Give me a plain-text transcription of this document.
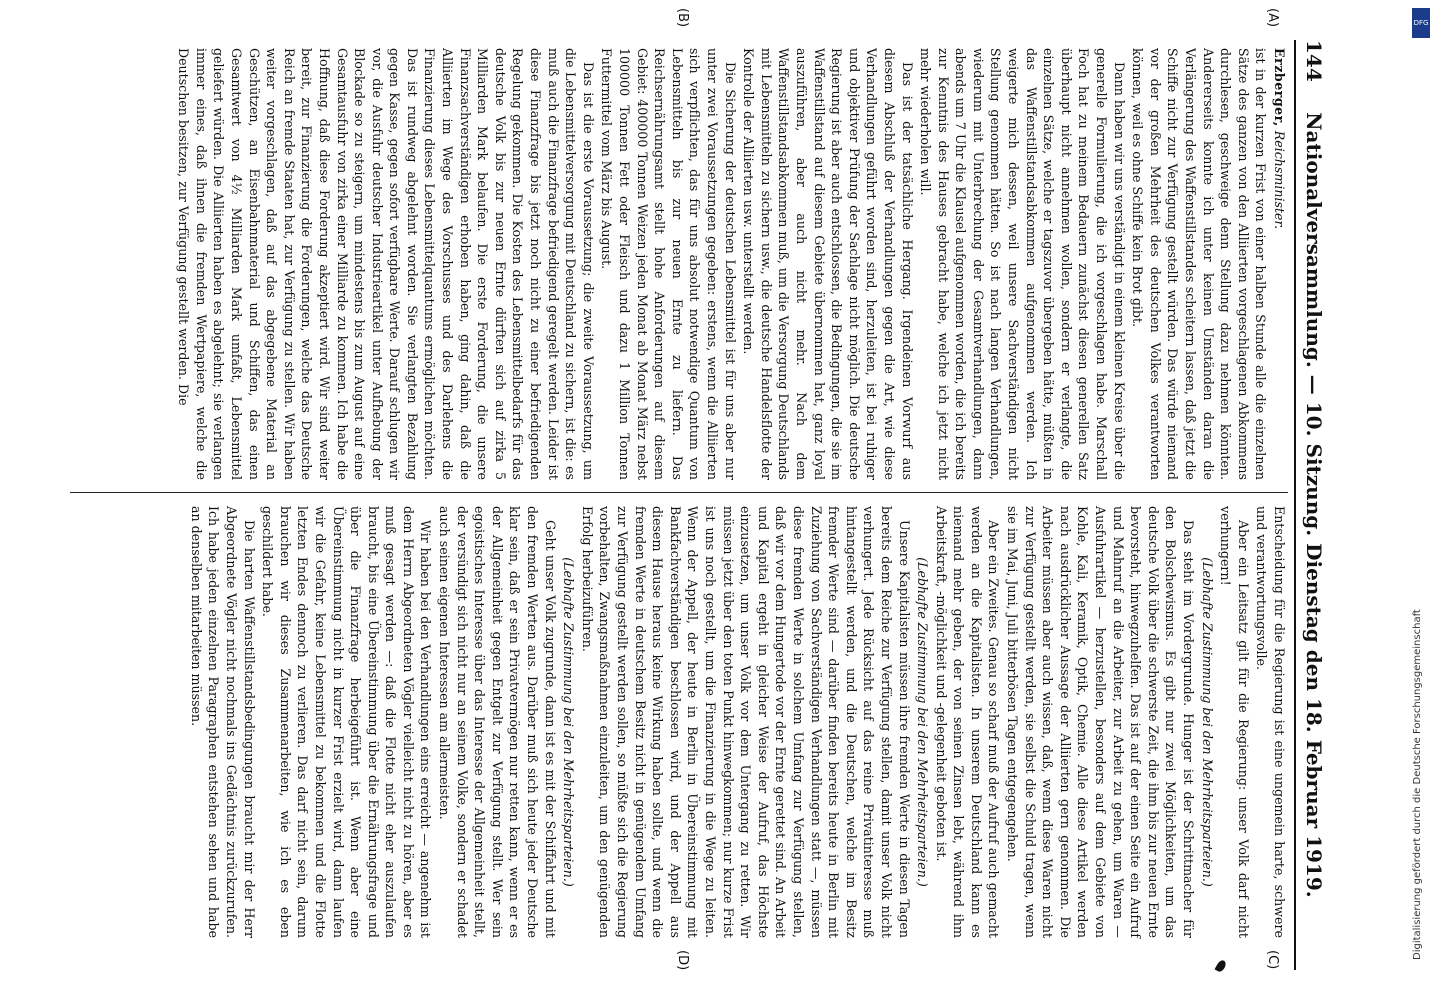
144
Nationalversammlung. — 10. Sitzung. Dienstag den 18. Februar 1919.
(A)
(B)
(C)
(D)

Erzberger, Reichsminister.

ist in der kurzen Frist von einer halben Stunde alle die einzelnen Sätze des ganzen von den Alliierten vorgeschlagenen Abkommens durchlesen, geschweige denn Stellung dazu nehmen könnten. Andererseits konnte ich unter keinen Umständen daran die Verlängerung des Waffenstillstandes scheitern lassen, daß jetzt die Schiffe nicht zur Verfügung gestellt würden. Das würde niemand vor der großen Mehrheit des deutschen Volkes verantworten können, weil es ohne Schiffe kein Brot gibt.

Dann haben wir uns verständigt in einem kleinen Kreise über die generelle Formulierung, die ich vorgeschlagen habe. Marschall Foch hat zu meinem Bedauern zunächst diesen generellen Satz überhaupt nicht annehmen wollen, sondern er verlangte, die einzelnen Sätze, welche er tagszuvor übergeben hätte, müßten in das Waffenstillstandsabkommen aufgenommen werden. Ich weigerte mich dessen, weil unsere Sachverständigen nicht Stellung genommen hätten. So ist nach langen Verhandlungen, wiederum mit Unterbrechung der Gesamtverhandlungen, dann abends um 7 Uhr die Klausel aufgenommen worden, die ich bereits zur Kenntnis des Hauses gebracht habe, welche ich jetzt nicht mehr wiederholen will.

Das ist der tatsächliche Hergang. Irgendeinen Vorwurf aus diesem Abschluß der Verhandlungen gegen die Art, wie diese Verhandlungen geführt worden sind, herzuleiten, ist bei ruhiger und objektiver Prüfung der Sachlage nicht möglich. Die deutsche Regierung ist aber auch entschlossen, die Bedingungen, die sie im Waffenstillstand auf diesem Gebiete übernommen hat, ganz loyal auszuführen, aber auch nicht mehr. Nach dem Waffenstillstandsabkommen muß, um die Versorgung Deutschlands mit Lebensmitteln zu sichern usw., die deutsche Handelsflotte der Kontrolle der Alliierten usw. unterstellt werden.

Die Sicherung der deutschen Lebensmittel ist für uns aber nur unter zwei Voraussetzungen gegeben: erstens, wenn die Alliierten sich verpflichten, das für uns absolut notwendige Quantum von Lebensmitteln bis zur neuen Ernte zu liefern. Das Reichsernährungsamt stellt hohe Anforderungen auf diesem Gebiet: 400000 Tonnen Weizen jeden Monat ab Monat März nebst 100000 Tonnen Fett oder Fleisch und dazu 1 Million Tonnen Futtermittel vom März bis August.

Das ist die erste Voraussetzung; die zweite Voraussetzung, um die Lebensmittelversorgung mit Deutschland zu sichern, ist die: es muß auch die Finanzfrage befriedigend geregelt werden. Leider ist diese Finanzfrage bis jetzt noch nicht zu einer befriedigenden Regelung gekommen. Die Kosten des Lebensmittelbedarfs für das deutsche Volk bis zur neuen Ernte dürften sich auf zirka 5 Milliarden Mark belaufen. Die erste Forderung, die unsere Finanzsachverständigen erhoben haben, ging dahin, daß die Alliierten im Wege des Vorschusses und des Darlehens die Finanzierung dieses Lebensmittelquantums ermöglichen möchten. Das ist rundweg abgelehnt worden. Sie verlangten Bezahlung gegen Kasse, gegen sofort verfügbare Werte. Darauf schlugen wir vor, die Ausfuhr deutscher Industrieartikel unter Aufhebung der Blockade so zu steigern, um mindestens bis zum August auf eine Gesamtausfuhr von zirka einer Milliarde zu kommen. Ich habe die Hoffnung, daß diese Forderung akzeptiert wird. Wir sind weiter bereit, zur Finanzierung die Forderungen, welche das Deutsche Reich an fremde Staaten hat, zur Verfügung zu stellen. Wir haben weiter vorgeschlagen, daß auf das abgegebene Material an Geschützen, an Eisenbahnmaterial und Schiffen, das einen Gesamtwert von 4½ Milliarden Mark umfaßt, Lebensmittel geliefert würden. Die Alliierten haben es abgelehnt; sie verlangen immer eines, daß ihnen die fremden Wertpapiere, welche die Deutschen besitzen, zur Verfügung gestellt werden. Die

Entscheidung für die Regierung ist eine ungemein harte, schwere und verantwortungsvolle.

Aber ein Leitsatz gilt für die Regierung: unser Volk darf nicht verhungern!

(Lebhafte Zustimmung bei den Mehrheitsparteien.)

Das steht im Vordergrunde. Hunger ist der Schrittmacher für den Bolschewismus. Es gibt nur zwei Möglichkeiten, um das deutsche Volk über die schwerste Zeit, die ihm bis zur neuen Ernte bevorsteht, hinwegzuhelfen. Das ist auf der einen Seite ein Aufruf und Mahnruf an die Arbeiter, zur Arbeit zu gehen, um Waren — Ausfuhrartikel — herzustellen, besonders auf dem Gebiete von Kohle, Kali, Keramik, Optik, Chemie. Alle diese Artikel werden nach ausdrücklicher Aussage der Alliierten gern genommen. Die Arbeiter müssen aber auch wissen, daß, wenn diese Waren nicht zur Verfügung gestellt werden, sie selbst die Schuld tragen, wenn sie im Mai, Juni, Juli bitterbösen Tagen entgegengehen.

Aber ein Zweites. Genau so scharf muß der Aufruf auch gemacht werden an die Kapitalisten. In unserem Deutschland kann es niemand mehr geben, der von seinen Zinsen lebt, während ihm Arbeitskraft, -möglichkeit und -gelegenheit geboten ist.

(Lebhafte Zustimmung bei den Mehrheitsparteien.)

Unsere Kapitalisten müssen ihre fremden Werte in diesen Tagen bereits dem Reiche zur Verfügung stellen, damit unser Volk nicht verhungert. Jede Rücksicht auf das reine Privatinteresse muß hintangestellt werden, und die Deutschen, welche im Besitz fremder Werte sind — darüber finden bereits heute in Berlin mit Zuziehung von Sachverständigen Verhandlungen statt —, müssen diese fremden Werte in solchem Umfang zur Verfügung stellen, daß wir vor dem Hungertode vor der Ernte gerettet sind. An Arbeit und Kapital ergeht in gleicher Weise der Aufruf, das Höchste einzusetzen, um unser Volk vor dem Untergang zu retten. Wir müssen jetzt über den toten Punkt hinwegkommen; nur kurze Frist ist uns noch gestellt, um die Finanzierung in die Wege zu leiten. Wenn der Appell, der heute in Berlin in Übereinstimmung mit Bankfachverständigen beschlossen wird, und der Appell aus diesem Hause heraus keine Wirkung haben sollte, und wenn die fremden Werte in deutschem Besitz nicht in genügendem Umfang zur Verfügung gestellt werden sollen, so müßte sich die Regierung vorbehalten, Zwangsmaßnahmen einzuleiten, um den genügenden Erfolg herbeizuführen.

(Lebhafte Zustimmung bei den Mehrheitsparteien.)

Geht unser Volk zugrunde, dann ist es mit der Schiffahrt und mit den fremden Werten aus. Darüber muß sich heute jeder Deutsche klar sein, daß er sein Privatvermögen nur retten kann, wenn er es der Allgemeinheit gegen Entgelt zur Verfügung stellt. Wer sein egoistisches Interesse über das Interesse der Allgemeinheit stellt, der versündigt sich nicht nur an seinem Volke, sondern er schadet auch seinen eigenen Interessen am allermeisten.

Wir haben bei den Verhandlungen eins erreicht — angenehm ist dem Herrn Abgeordneten Vögler vielleicht nicht zu hören, aber es muß gesagt werden —: daß die Flotte nicht eher auszulaufen braucht, bis eine Übereinstimmung über die Ernährungsfrage und über die Finanzfrage herbeigeführt ist. Wenn aber eine Übereinstimmung nicht in kurzer Frist erzielt wird, dann laufen wir die Gefahr, keine Lebensmittel zu bekommen und die Flotte letzten Endes dennoch zu verlieren. Das darf nicht sein, darum brauchen wir dieses Zusammenarbeiten, wie ich es eben geschildert habe.

Die harten Waffenstillstandsbedingungen braucht mir der Herr Abgeordnete Vögler nicht nochmals ins Gedächtnis zurückzurufen. Ich habe jeden einzelnen Paragraphen entstehen sehen und habe an denselben mitarbeiten müssen.

DFG
Digitalisierung gefördert durch die Deutsche Forschungsgemeinschaft
